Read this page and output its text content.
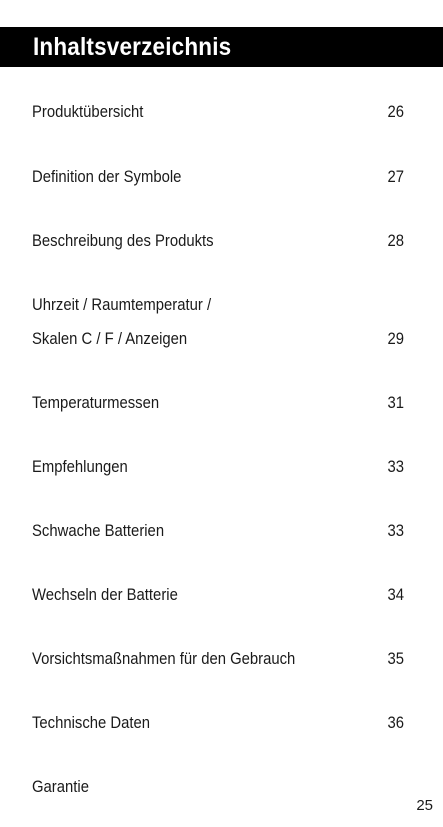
Inhaltsverzeichnis
Produktübersicht	26
Definition der Symbole	27
Beschreibung des Produkts	28
Uhrzeit / Raumtemperatur /
Skalen C / F / Anzeigen	29
Temperaturmessen	31
Empfehlungen	33
Schwache Batterien	33
Wechseln der Batterie	34
Vorsichtsmaßnahmen für den Gebrauch	35
Technische Daten	36
Garantie
25
